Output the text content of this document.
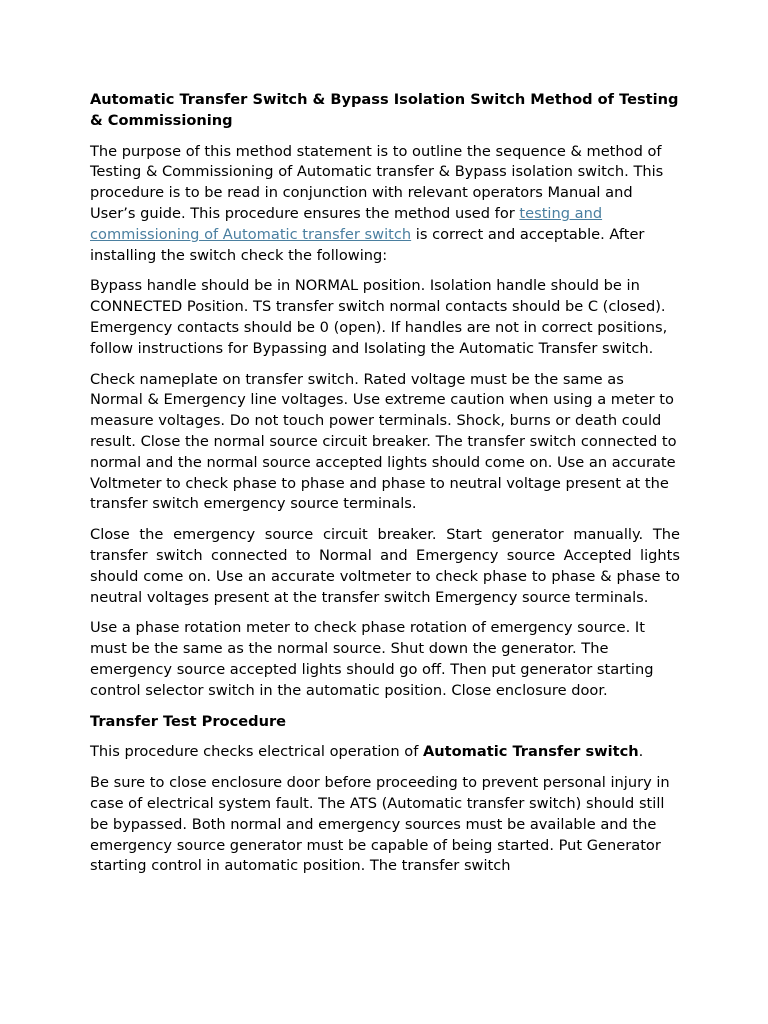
Automatic Transfer Switch & Bypass Isolation Switch Method of Testing & Commissioning

The purpose of this method statement is to outline the sequence & method of Testing & Commissioning of Automatic transfer & Bypass isolation switch. This procedure is to be read in conjunction with relevant operators Manual and User’s guide. This procedure ensures the method used for testing and commissioning of Automatic transfer switch is correct and acceptable. After installing the switch check the following:

Bypass handle should be in NORMAL position. Isolation handle should be in CONNECTED Position. TS transfer switch normal contacts should be C (closed). Emergency contacts should be 0 (open). If handles are not in correct positions, follow instructions for Bypassing and Isolating the Automatic Transfer switch.

Check nameplate on transfer switch. Rated voltage must be the same as Normal & Emergency line voltages. Use extreme caution when using a meter to measure voltages. Do not touch power terminals. Shock, burns or death could result. Close the normal source circuit breaker. The transfer switch connected to normal and the normal source accepted lights should come on. Use an accurate Voltmeter to check phase to phase and phase to neutral voltage present at the transfer switch emergency source terminals.

Close the emergency source circuit breaker. Start generator manually. The transfer switch connected to Normal and Emergency source Accepted lights should come on. Use an accurate voltmeter to check phase to phase & phase to neutral voltages present at the transfer switch Emergency source terminals.

Use a phase rotation meter to check phase rotation of emergency source. It must be the same as the normal source. Shut down the generator. The emergency source accepted lights should go off. Then put generator starting control selector switch in the automatic position. Close enclosure door.

Transfer Test Procedure

This procedure checks electrical operation of Automatic Transfer switch.

Be sure to close enclosure door before proceeding to prevent personal injury in case of electrical system fault. The ATS (Automatic transfer switch) should still be bypassed. Both normal and emergency sources must be available and the emergency source generator must be capable of being started. Put Generator starting control in automatic position. The transfer switch
